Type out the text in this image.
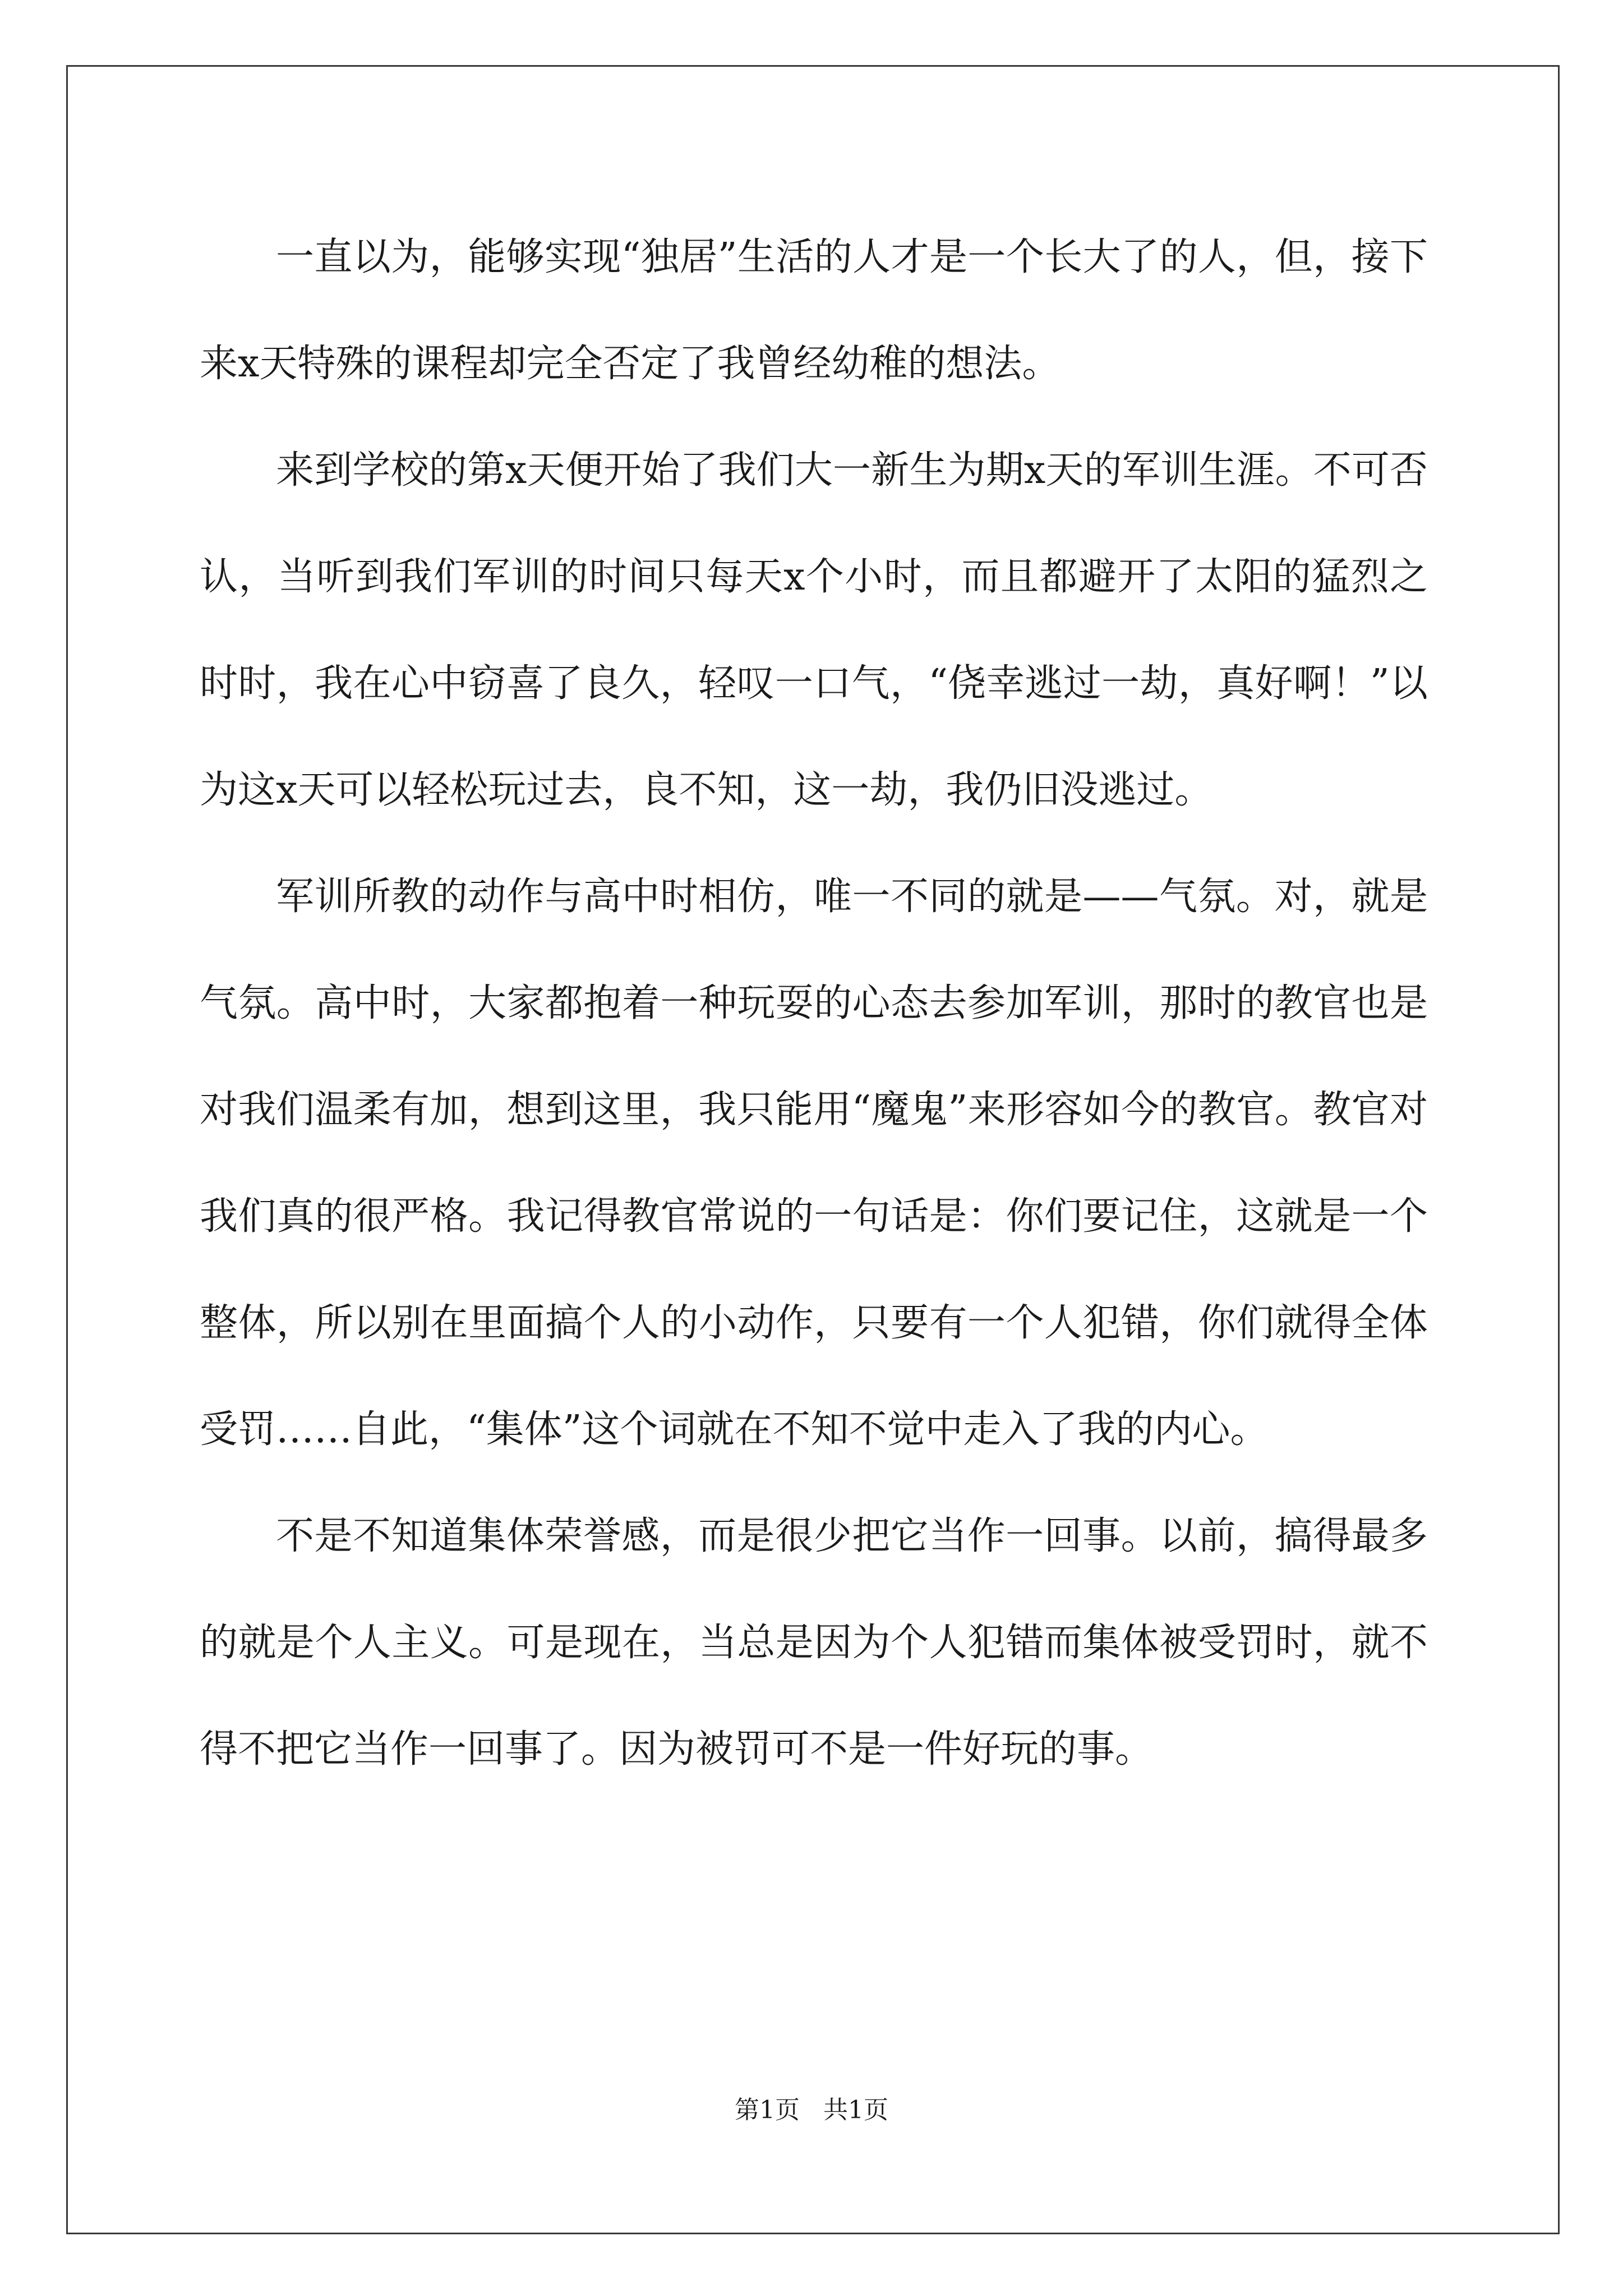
一直以为，能够实现“独居”生活的人才是一个长大了的人，但，接下来x天特殊的课程却完全否定了我曾经幼稚的想法。

来到学校的第x天便开始了我们大一新生为期x天的军训生涯。不可否认，当听到我们军训的时间只每天x个小时，而且都避开了太阳的猛烈之时时，我在心中窃喜了良久，轻叹一口气，“侥幸逃过一劫，真好啊！”以为这x天可以轻松玩过去，良不知，这一劫，我仍旧没逃过。

军训所教的动作与高中时相仿，唯一不同的就是——气氛。对，就是气氛。高中时，大家都抱着一种玩耍的心态去参加军训，那时的教官也是对我们温柔有加，想到这里，我只能用“魔鬼”来形容如今的教官。教官对我们真的很严格。我记得教官常说的一句话是：你们要记住，这就是一个整体，所以别在里面搞个人的小动作，只要有一个人犯错，你们就得全体受罚……自此，“集体”这个词就在不知不觉中走入了我的内心。

不是不知道集体荣誉感，而是很少把它当作一回事。以前，搞得最多的就是个人主义。可是现在，当总是因为个人犯错而集体被受罚时，就不得不把它当作一回事了。因为被罚可不是一件好玩的事。

第1页   共1页
